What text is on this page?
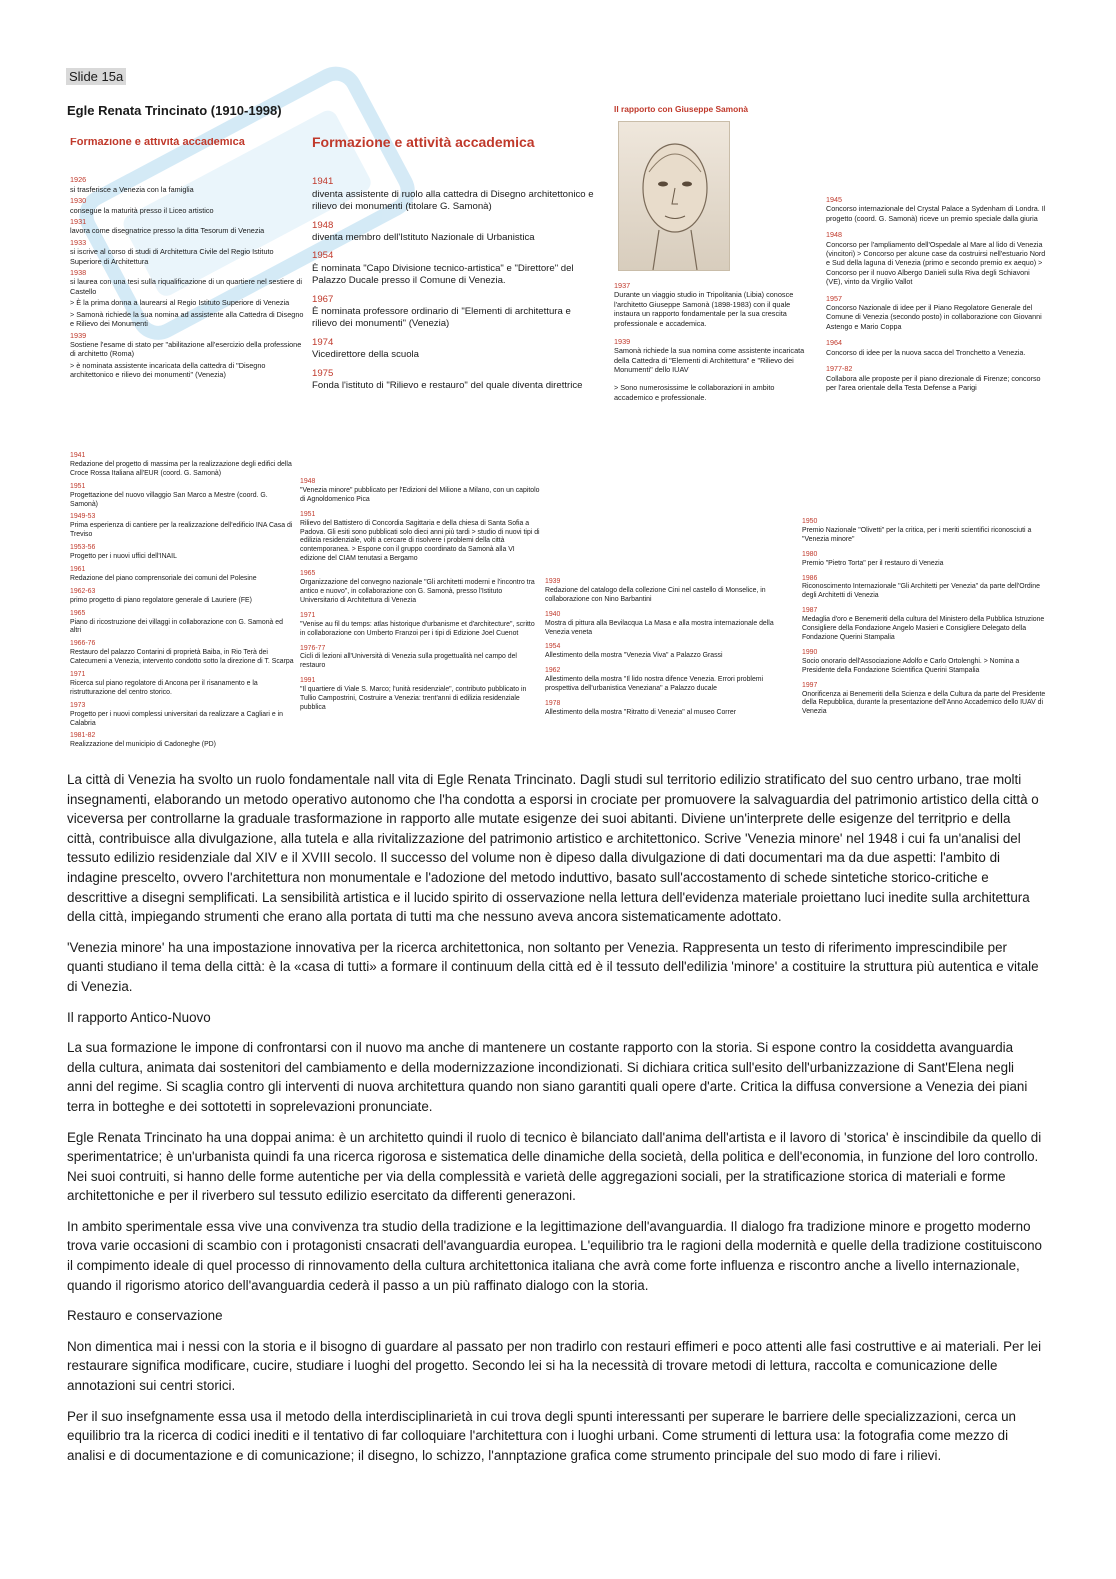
Slide 15a
Egle Renata Trincinato (1910-1998)
Formazione e attività accademica
1926
si trasferisce a Venezia con la famiglia
1930
consegue la maturità presso il Liceo artistico
1931
lavora come disegnatrice presso la ditta Tesorum di Venezia
1933
si iscrive al corso di studi di Architettura Civile del Regio Istituto Superiore di Architettura
1938
si laurea con una tesi sulla riqualificazione di un quartiere nel sestiere di Castello
> È la prima donna a laurearsi al Regio Istituto Superiore di Venezia
> Samonà richiede la sua nomina ad assistente alla Cattedra di Disegno e Rilievo dei Monumenti
1939
Sostiene l'esame di stato per "abilitazione all'esercizio della professione di architetto (Roma)
> è nominata assistente incaricata della cattedra di "Disegno architettonico e rilievo dei monumenti" (Venezia)
Formazione e attività accademica
1941
diventa assistente di ruolo alla cattedra di Disegno architettonico e rilievo dei monumenti (titolare G. Samonà)
1948
diventa membro dell'Istituto Nazionale di Urbanistica
1954
È nominata "Capo Divisione tecnico-artistica" e "Direttore" del Palazzo Ducale presso il Comune di Venezia.
1967
È nominata professore ordinario di "Elementi di architettura e rilievo dei monumenti" (Venezia)
1974
Vicedirettore della scuola
1975
Fonda l'istituto di "Rilievo e restauro" del quale diventa direttrice
Il rapporto con Giuseppe Samonà
1937
Durante un viaggio studio in Tripolitania (Libia) conosce l'architetto Giuseppe Samonà (1898-1983) con il quale instaura un rapporto fondamentale per la sua crescita professionale e accademica.
1939
Samonà richiede la sua nomina come assistente incaricata della Cattedra di "Elementi di Architettura" e "Rilievo dei Monumenti" dello IUAV
> Sono numerosissime le collaborazioni in ambito accademico e professionale.
1945
Concorso internazionale del Crystal Palace a Sydenham di Londra. Il progetto (coord. G. Samonà) riceve un premio speciale dalla giuria
1948
Concorso per l'ampliamento dell'Ospedale al Mare al lido di Venezia (vincitori) > Concorso per alcune case da costruirsi nell'estuario Nord e Sud della laguna di Venezia (primo e secondo premio ex aequo) > Concorso per il nuovo Albergo Danieli sulla Riva degli Schiavoni (VE), vinto da Virgilio Vallot
1957
Concorso Nazionale di idee per il Piano Regolatore Generale del Comune di Venezia (secondo posto) in collaborazione con Giovanni Astengo e Mario Coppa
1964
Concorso di idee per la nuova sacca del Tronchetto a Venezia.
1977-82
Collabora alle proposte per il piano direzionale di Firenze; concorso per l'area orientale della Testa Defense a Parigi
1941
Redazione del progetto di massima per la realizzazione degli edifici della Croce Rossa Italiana all'EUR (coord. G. Samonà)
1951
Progettazione del nuovo villaggio San Marco a Mestre (coord. G. Samonà)
1949-53
Prima esperienza di cantiere per la realizzazione dell'edificio INA Casa di Treviso
1953-56
Progetto per i nuovi uffici dell'INAIL
1961
Redazione del piano comprensoriale dei comuni del Polesine
1962-63
primo progetto di piano regolatore generale di Lauriere (FE)
1965
Piano di ricostruzione dei villaggi in collaborazione con G. Samonà ed altri
1966-76
Restauro del palazzo Contarini di proprietà Baiba, in Rio Terà dei Catecumeni a Venezia, intervento condotto sotto la direzione di T. Scarpa
1971
Ricerca sul piano regolatore di Ancona per il risanamento e la ristrutturazione del centro storico.
1973
Progetto per i nuovi complessi universitari da realizzare a Cagliari e in Calabria
1981-82
Realizzazione del municipio di Cadoneghe (PD)
1948
"Venezia minore" pubblicato per l'Edizioni del Milione a Milano, con un capitolo di Agnoldomenico Pica
1951
Rilievo del Battistero di Concordia Sagittaria e della chiesa di Santa Sofia a Padova. Gli esiti sono pubblicati solo dieci anni più tardi > studio di nuovi tipi di edilizia residenziale, volti a cercare di risolvere i problemi della città contemporanea. > Espone con il gruppo coordinato da Samonà alla VI edizione del CIAM tenutasi a Bergamo
1965
Organizzazione del convegno nazionale "Gli architetti moderni e l'incontro tra antico e nuovo", in collaborazione con G. Samonà, presso l'Istituto Universitario di Architettura di Venezia
1971
"Venise au fil du temps: atlas historique d'urbanisme et d'architecture", scritto in collaborazione con Umberto Franzoi per i tipi di Edizione Joel Cuenot
1976-77
Cicli di lezioni all'Università di Venezia sulla progettualità nel campo del restauro
1991
"Il quartiere di Viale S. Marco; l'unità residenziale", contributo pubblicato in Tullio Campostrini, Costruire a Venezia: trent'anni di edilizia residenziale pubblica
1939
Redazione del catalogo della collezione Cini nel castello di Monselice, in collaborazione con Nino Barbantini
1940
Mostra di pittura alla Bevilacqua La Masa e alla mostra internazionale della Venezia veneta
1954
Allestimento della mostra "Venezia Viva" a Palazzo Grassi
1962
Allestimento della mostra "Il lido nostra difence Venezia. Errori problemi prospettiva dell'urbanistica Veneziana" a Palazzo ducale
1978
Allestimento della mostra "Ritratto di Venezia" al museo Correr
1950
Premio Nazionale "Olivetti" per la critica, per i meriti scientifici riconosciuti a "Venezia minore"
1980
Premio "Pietro Torta" per il restauro di Venezia
1986
Riconoscimento Internazionale "Gli Architetti per Venezia" da parte dell'Ordine degli Architetti di Venezia
1987
Medaglia d'oro e Benemeriti della cultura del Ministero della Pubblica Istruzione Consigliere della Fondazione Angelo Masieri e Consigliere Delegato della Fondazione Querini Stampalia
1990
Socio onorario dell'Associazione Adolfo e Carlo Ortolenghi. > Nomina a Presidente della Fondazione Scientifica Querini Stampalia
1997
Onorificenza ai Benemeriti della Scienza e della Cultura da parte del Presidente della Repubblica, durante la presentazione dell'Anno Accademico dello IUAV di Venezia

La città di Venezia ha svolto un ruolo fondamentale nall vita di Egle Renata Trincinato. Dagli studi sul territorio edilizio stratificato del suo centro urbano, trae molti insegnamenti, elaborando un metodo operativo autonomo che l'ha condotta a esporsi in crociate per promuovere la salvaguardia del patrimonio artistico della città o viceversa per controllarne la graduale trasformazione in rapporto alle mutate esigenze dei suoi abitanti. Diviene un'interprete delle esigenze del territprio e della città, contribuisce alla divulgazione, alla tutela e alla rivitalizzazione del patrimonio artistico e architettonico. Scrive 'Venezia minore' nel 1948 i cui fa un'analisi del tessuto edilizio residenziale dal XIV e il XVIII secolo. Il successo del volume non è dipeso dalla divulgazione di dati documentari ma da due aspetti: l'ambito di indagine prescelto, ovvero l'architettura non monumentale e l'adozione del metodo induttivo, basato sull'accostamento di schede sintetiche storico-critiche e descrittive a disegni semplificati. La sensibilità artistica e il lucido spirito di osservazione nella lettura dell'evidenza materiale proiettano luci inedite sulla architettura della città, impiegando strumenti che erano alla portata di tutti ma che nessuno aveva ancora sistematicamente adottato.

'Venezia minore' ha una impostazione innovativa per la ricerca architettonica, non soltanto per Venezia. Rappresenta un testo di riferimento imprescindibile per quanti studiano il tema della città: è la «casa di tutti» a formare il continuum della città ed è il tessuto dell'edilizia 'minore' a costituire la struttura più autentica e vitale di Venezia.

Il rapporto Antico-Nuovo

La sua formazione le impone di confrontarsi con il nuovo ma anche di mantenere un costante rapporto con la storia. Si espone contro la cosiddetta avanguardia della cultura, animata dai sostenitori del cambiamento e della modernizzazione incondizionati. Si dichiara critica sull'esito dell'urbanizzazione di Sant'Elena negli anni del regime. Si scaglia contro gli interventi di nuova architettura quando non siano garantiti quali opere d'arte. Critica la diffusa conversione a Venezia dei piani terra in botteghe e dei sottotetti in soprelevazioni pronunciate.

Egle Renata Trincinato ha una doppai anima: è un architetto quindi il ruolo di tecnico è bilanciato dall'anima dell'artista e il lavoro di 'storica' è inscindibile da quello di sperimentatrice; è un'urbanista quindi fa una ricerca rigorosa e sistematica delle dinamiche della società, della politica e dell'economia, in funzione del loro controllo. Nei suoi contruiti, si hanno delle forme autentiche per via della complessità e varietà delle aggregazioni sociali, per la stratificazione storica di materiali e forme architettoniche e per il riverbero sul tessuto edilizio esercitato da differenti generazoni.

In ambito sperimentale essa vive una convivenza tra studio della tradizione e la legittimazione dell'avanguardia. Il dialogo fra tradizione minore e progetto moderno trova varie occasioni di scambio con i protagonisti cnsacrati dell'avanguardia europea. L'equilibrio tra le ragioni della modernità e quelle della tradizione costituiscono il compimento ideale di quel processo di rinnovamento della cultura architettonica italiana che avrà come forte influenza e riscontro anche a livello internazionale, quando il rigorismo atorico dell'avanguardia cederà il passo a un più raffinato dialogo con la storia.

Restauro e conservazione

Non dimentica mai i nessi con la storia e il bisogno di guardare al passato per non tradirlo con restauri effimeri e poco attenti alle fasi costruttive e ai materiali. Per lei restaurare significa modificare, cucire, studiare i luoghi del progetto. Secondo lei si ha la necessità di trovare metodi di lettura, raccolta e comunicazione delle annotazioni sui centri storici.

Per il suo insefgnamente essa usa il metodo della interdisciplinarietà in cui trova degli spunti interessanti per superare le barriere delle specializzazioni, cerca un equilibrio tra la ricerca di codici inediti e il tentativo di far colloquiare l'architettura con i luoghi urbani. Come strumenti di lettura usa: la fotografia come mezzo di analisi e di documentazione e di comunicazione; il disegno, lo schizzo, l'annptazione grafica come strumento principale del suo modo di fare i rilievi.
